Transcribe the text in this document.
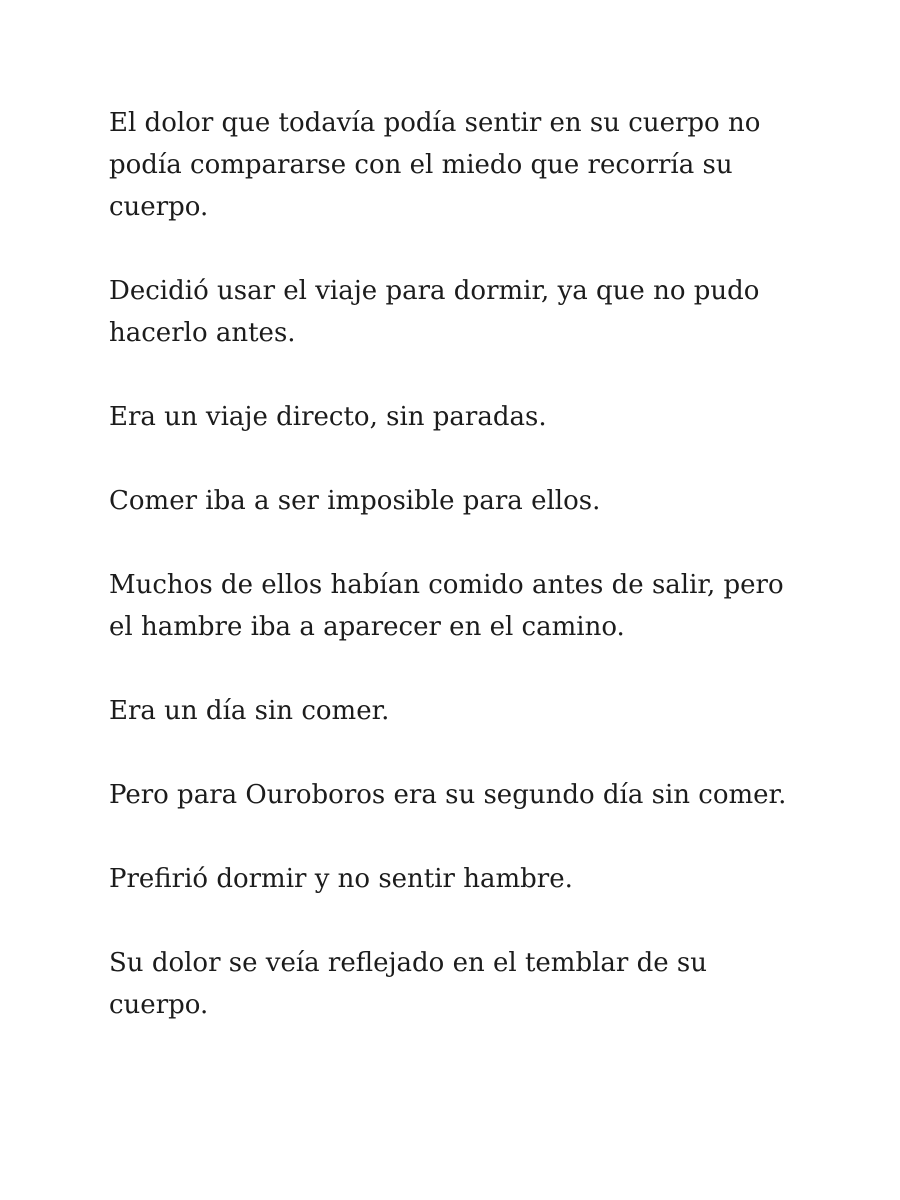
El dolor que todavía podía sentir en su cuerpo no podía compararse con el miedo que recorría su cuerpo.

Decidió usar el viaje para dormir, ya que no pudo hacerlo antes.

Era un viaje directo, sin paradas.

Comer iba a ser imposible para ellos.

Muchos de ellos habían comido antes de salir, pero el hambre iba a aparecer en el camino.

Era un día sin comer.

Pero para Ouroboros era su segundo día sin comer.

Prefirió dormir y no sentir hambre.

Su dolor se veía reflejado en el temblar de su cuerpo.
